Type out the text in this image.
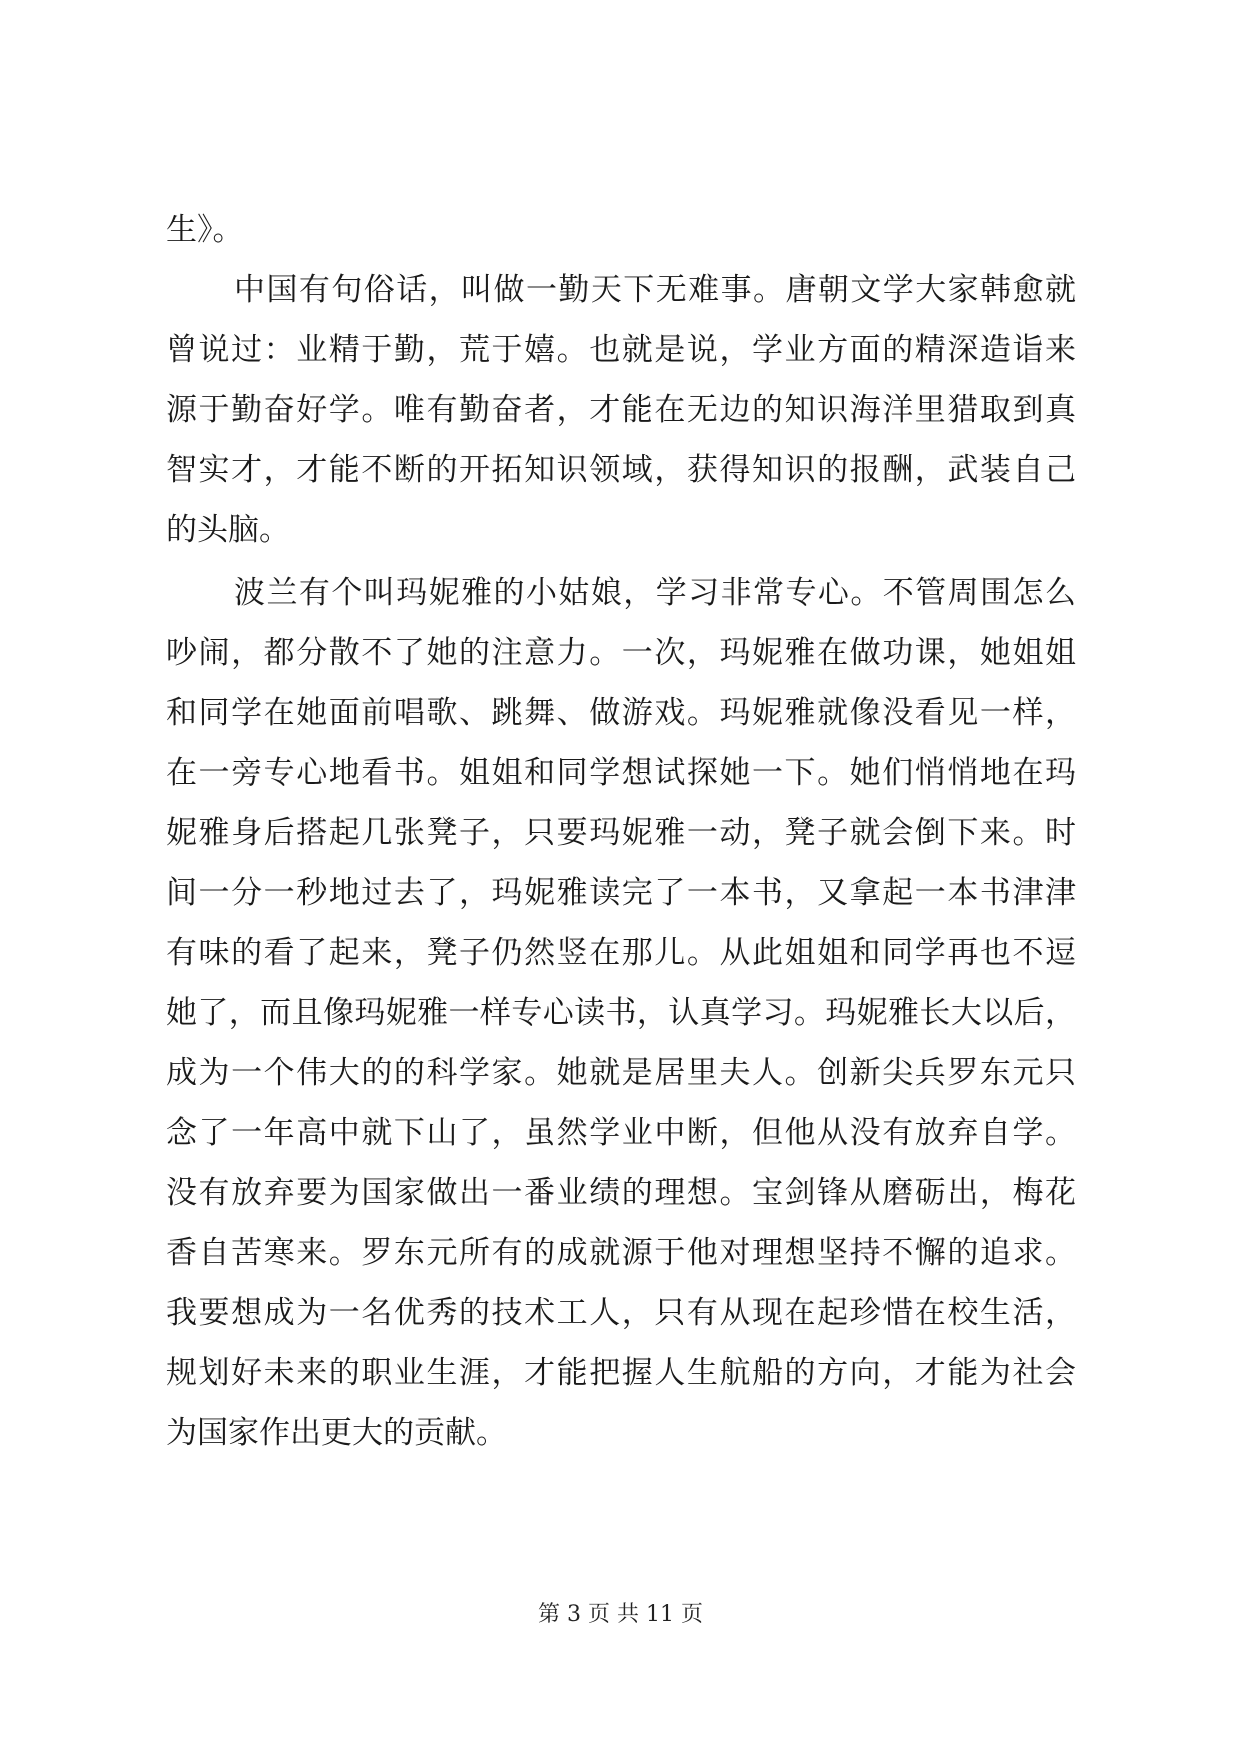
生》。
中国有句俗话，叫做一勤天下无难事。唐朝文学大家韩愈就
曾说过：业精于勤，荒于嬉。也就是说，学业方面的精深造诣来
源于勤奋好学。唯有勤奋者，才能在无边的知识海洋里猎取到真
智实才，才能不断的开拓知识领域，获得知识的报酬，武装自己
的头脑。
波兰有个叫玛妮雅的小姑娘，学习非常专心。不管周围怎么
吵闹，都分散不了她的注意力。一次，玛妮雅在做功课，她姐姐
和同学在她面前唱歌、跳舞、做游戏。玛妮雅就像没看见一样，
在一旁专心地看书。姐姐和同学想试探她一下。她们悄悄地在玛
妮雅身后搭起几张凳子，只要玛妮雅一动，凳子就会倒下来。时
间一分一秒地过去了，玛妮雅读完了一本书，又拿起一本书津津
有味的看了起来，凳子仍然竖在那儿。从此姐姐和同学再也不逗
她了，而且像玛妮雅一样专心读书，认真学习。玛妮雅长大以后，
成为一个伟大的的科学家。她就是居里夫人。创新尖兵罗东元只
念了一年高中就下山了，虽然学业中断，但他从没有放弃自学。
没有放弃要为国家做出一番业绩的理想。宝剑锋从磨砺出，梅花
香自苦寒来。罗东元所有的成就源于他对理想坚持不懈的追求。
我要想成为一名优秀的技术工人，只有从现在起珍惜在校生活，
规划好未来的职业生涯，才能把握人生航船的方向，才能为社会
为国家作出更大的贡献。
第 3 页 共 11 页
